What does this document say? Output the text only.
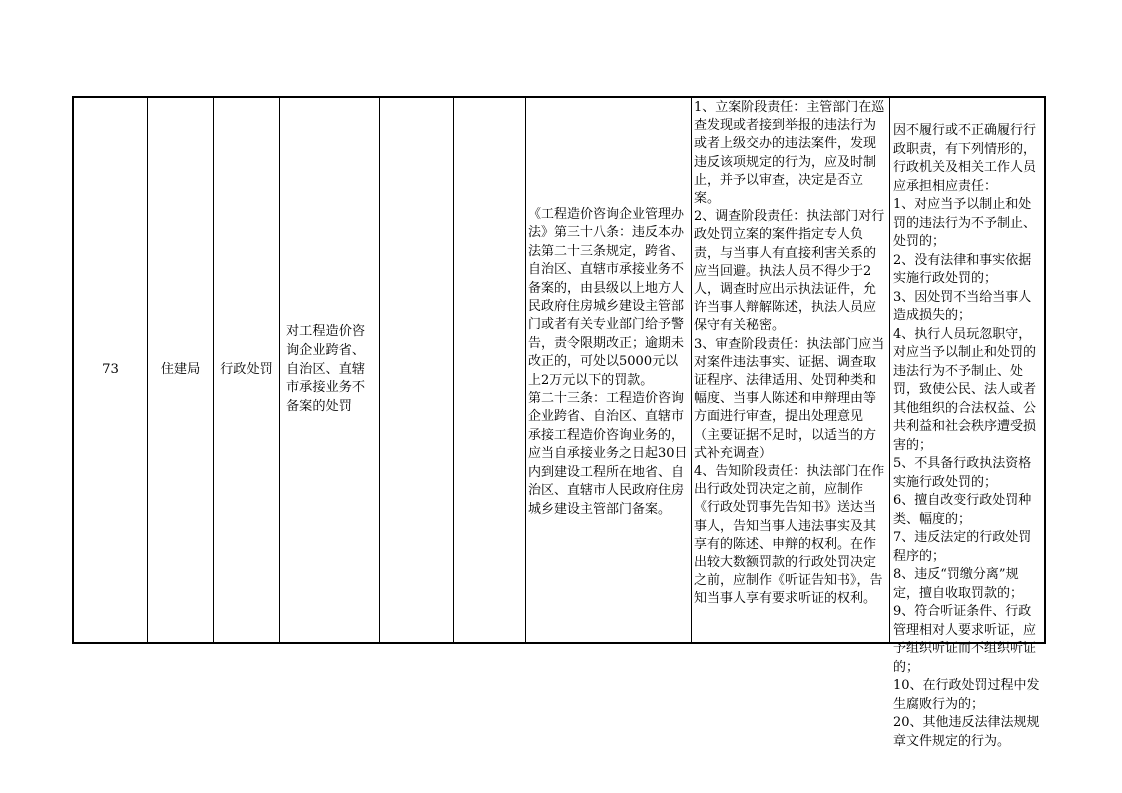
73	住建局 行政处罚
对工程造价咨询企业跨省、自治区、直辖市承接业务不备案的处罚
《工程造价咨询企业管理办法》第三十八条：违反本办法第二十三条规定，跨省、自治区、直辖市承接业务不备案的，由县级以上地方人民政府住房城乡建设主管部门或者有关专业部门给予警告，责令限期改正；逾期未改正的，可处以5000元以上2万元以下的罚款。
第二十三条：工程造价咨询企业跨省、自治区、直辖市承接工程造价咨询业务的，应当自承接业务之日起30日内到建设工程所在地省、自治区、直辖市人民政府住房城乡建设主管部门备案。
1、立案阶段责任：主管部门在巡查发现或者接到举报的违法行为或者上级交办的违法案件，发现违反该项规定的行为，应及时制止，并予以审查，决定是否立案。
2、调查阶段责任：执法部门对行政处罚立案的案件指定专人负责，与当事人有直接利害关系的应当回避。执法人员不得少于2人，调查时应出示执法证件，允许当事人辩解陈述，执法人员应保守有关秘密。
3、审查阶段责任：执法部门应当对案件违法事实、证据、调查取证程序、法律适用、处罚种类和幅度、当事人陈述和申辩理由等方面进行审查，提出处理意见（主要证据不足时，以适当的方式补充调查）
4、告知阶段责任：执法部门在作出行政处罚决定之前，应制作《行政处罚事先告知书》送达当事人，告知当事人违法事实及其享有的陈述、申辩的权利。在作出较大数额罚款的行政处罚决定之前，应制作《听证告知书》，告知当事人享有要求听证的权利。
因不履行或不正确履行行政职责，有下列情形的，行政机关及相关工作人员应承担相应责任：
1、对应当予以制止和处罚的违法行为不予制止、处罚的；
2、没有法律和事实依据实施行政处罚的；
3、因处罚不当给当事人造成损失的；
4、执行人员玩忽职守，对应当予以制止和处罚的违法行为不予制止、处罚，致使公民、法人或者其他组织的合法权益、公共利益和社会秩序遭受损害的；
5、不具备行政执法资格实施行政处罚的；
6、擅自改变行政处罚种类、幅度的；
7、违反法定的行政处罚程序的；
8、违反“罚缴分离”规定，擅自收取罚款的；
9、符合听证条件、行政管理相对人要求听证，应予组织听证而不组织听证的；
10、在行政处罚过程中发生腐败行为的；
20、其他违反法律法规规章文件规定的行为。
